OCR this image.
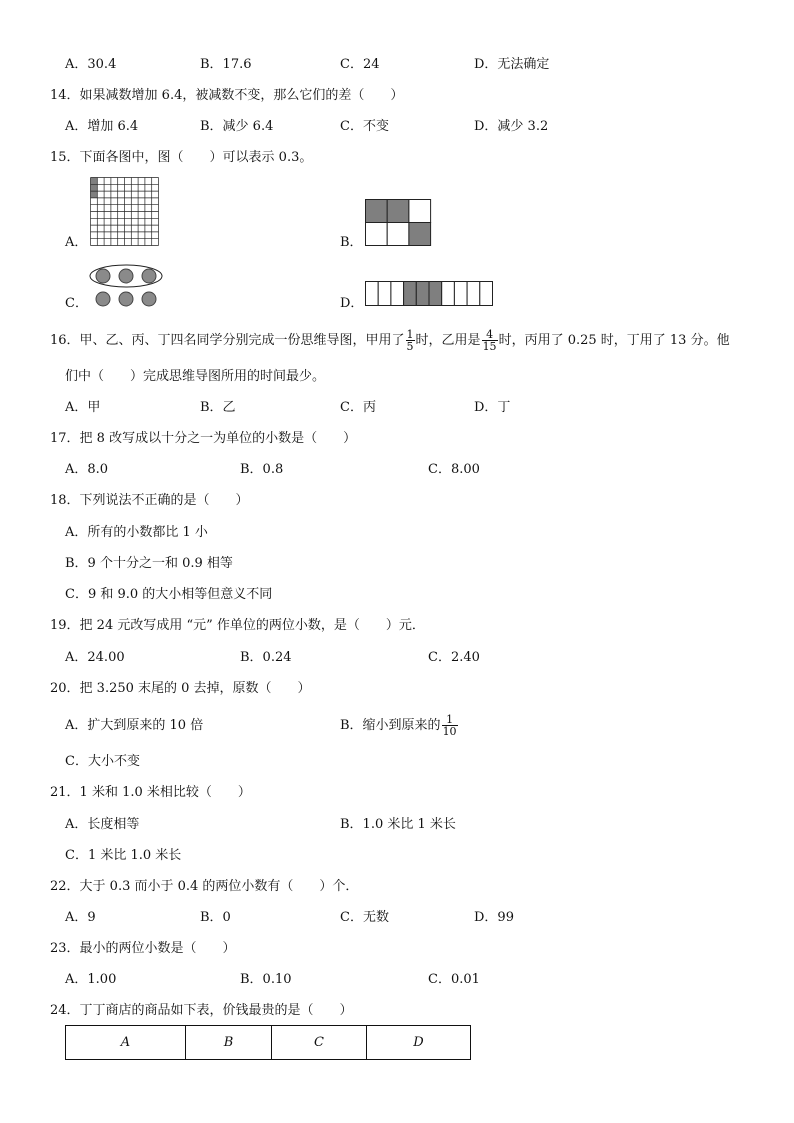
A．30.4	B．17.6	C．24	D．无法确定
14．如果减数增加 6.4，被减数不变，那么它们的差（　　）
A．增加 6.4	B．减少 6.4	C．不变	D．减少 3.2
15．下面各图中，图（　　）可以表示 0.3。
A．	B．
C．	D．
16．甲、乙、丙、丁四名同学分别完成一份思维导图，甲用了 $\frac{1}{5}$ 时，乙用是 $\frac{4}{15}$ 时，丙用了 0.25 时，丁用了 13 分。他
们中（　　）完成思维导图所用的时间最少。
A．甲	B．乙	C．丙	D．丁
17．把 8 改写成以十分之一为单位的小数是（　　）
A．8.0	B．0.8	C．8.00
18．下列说法不正确的是（　　）
A．所有的小数都比 1 小
B．9 个十分之一和 0.9 相等
C．9 和 9.0 的大小相等但意义不同
19．把 24 元改写成用 “元” 作单位的两位小数，是（　　）元．
A．24.00	B．0.24	C．2.40
20．把 3.250 末尾的 0 去掉，原数（　　）
A．扩大到原来的 10 倍	B．缩小到原来的 $\frac{1}{10}$
C．大小不变
21．1 米和 1.0 米相比较（　　）
A．长度相等	B．1.0 米比 1 米长
C．1 米比 1.0 米长
22．大于 0.3 而小于 0.4 的两位小数有（　　）个．
A．9	B．0	C．无数	D．99
23．最小的两位小数是（　　）
A．1.00	B．0.10	C．0.01
24．丁丁商店的商品如下表，价钱最贵的是（　　）
A	B	C	D
